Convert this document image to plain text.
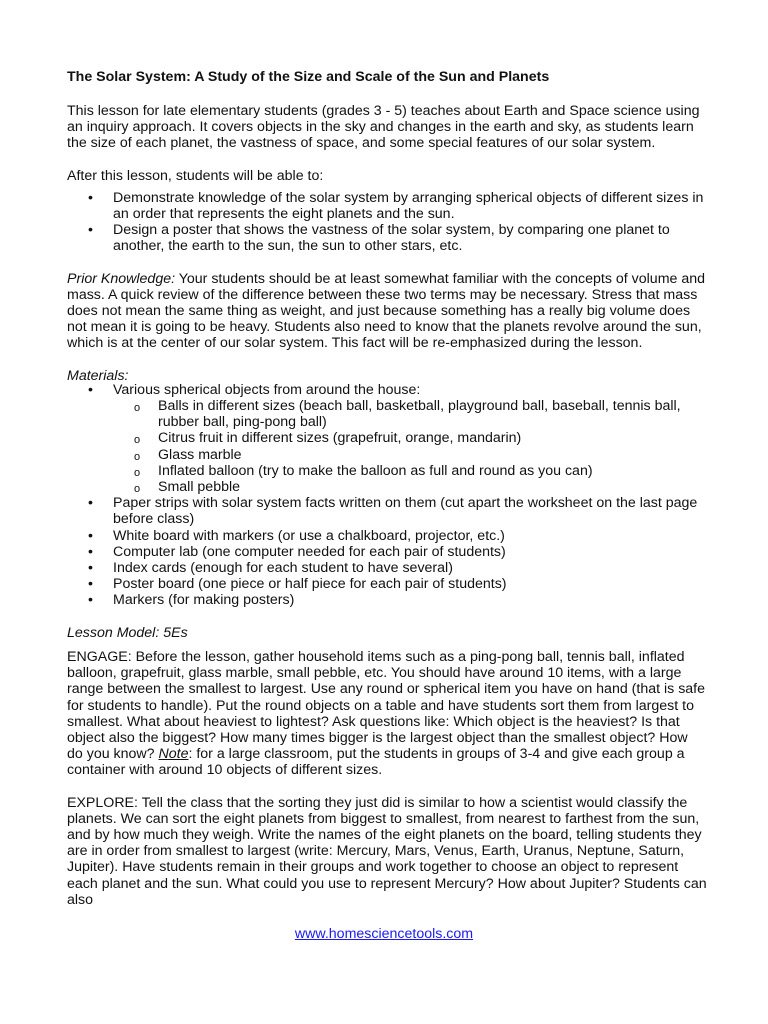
The Solar System: A Study of the Size and Scale of the Sun and Planets

This lesson for late elementary students (grades 3 - 5) teaches about Earth and Space science using an inquiry approach. It covers objects in the sky and changes in the earth and sky, as students learn the size of each planet, the vastness of space, and some special features of our solar system.

After this lesson, students will be able to:

• Demonstrate knowledge of the solar system by arranging spherical objects of different sizes in an order that represents the eight planets and the sun.
• Design a poster that shows the vastness of the solar system, by comparing one planet to another, the earth to the sun, the sun to other stars, etc.

Prior Knowledge: Your students should be at least somewhat familiar with the concepts of volume and mass. A quick review of the difference between these two terms may be necessary. Stress that mass does not mean the same thing as weight, and just because something has a really big volume does not mean it is going to be heavy. Students also need to know that the planets revolve around the sun, which is at the center of our solar system. This fact will be re-emphasized during the lesson.

Materials:

• Various spherical objects from around the house:
o Balls in different sizes (beach ball, basketball, playground ball, baseball, tennis ball, rubber ball, ping-pong ball)
o Citrus fruit in different sizes (grapefruit, orange, mandarin)
o Glass marble
o Inflated balloon (try to make the balloon as full and round as you can)
o Small pebble
• Paper strips with solar system facts written on them (cut apart the worksheet on the last page before class)
• White board with markers (or use a chalkboard, projector, etc.)
• Computer lab (one computer needed for each pair of students)
• Index cards (enough for each student to have several)
• Poster board (one piece or half piece for each pair of students)
• Markers (for making posters)

Lesson Model: 5Es

ENGAGE: Before the lesson, gather household items such as a ping-pong ball, tennis ball, inflated balloon, grapefruit, glass marble, small pebble, etc. You should have around 10 items, with a large range between the smallest to largest. Use any round or spherical item you have on hand (that is safe for students to handle). Put the round objects on a table and have students sort them from largest to smallest. What about heaviest to lightest? Ask questions like: Which object is the heaviest? Is that object also the biggest? How many times bigger is the largest object than the smallest object? How do you know? Note: for a large classroom, put the students in groups of 3-4 and give each group a container with around 10 objects of different sizes.

EXPLORE: Tell the class that the sorting they just did is similar to how a scientist would classify the planets. We can sort the eight planets from biggest to smallest, from nearest to farthest from the sun, and by how much they weigh. Write the names of the eight planets on the board, telling students they are in order from smallest to largest (write: Mercury, Mars, Venus, Earth, Uranus, Neptune, Saturn, Jupiter). Have students remain in their groups and work together to choose an object to represent each planet and the sun. What could you use to represent Mercury? How about Jupiter? Students can also

www.homesciencetools.com
